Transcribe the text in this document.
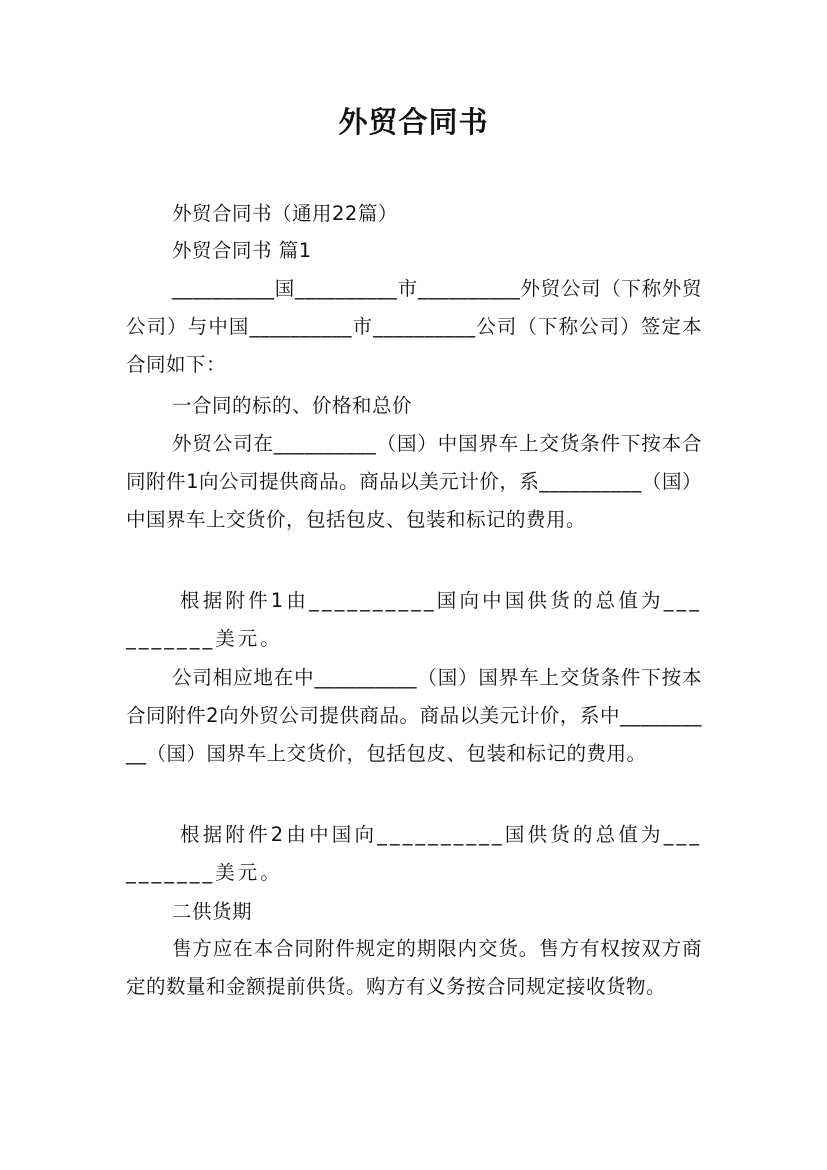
外贸合同书
外贸合同书（通用22篇）
外贸合同书 篇1
__________国__________市__________外贸公司（下称外贸公司）与中国__________市__________公司（下称公司）签定本合同如下：
一合同的标的、价格和总价
外贸公司在__________（国）中国界车上交货条件下按本合同附件1向公司提供商品。商品以美元计价，系__________（国）中国界车上交货价，包括包皮、包装和标记的费用。
根据附件1由__________国向中国供货的总值为__________美元。
公司相应地在中__________（国）国界车上交货条件下按本合同附件2向外贸公司提供商品。商品以美元计价，系中__________（国）国界车上交货价，包括包皮、包装和标记的费用。
根据附件2由中国向__________国供货的总值为__________美元。
二供货期
售方应在本合同附件规定的期限内交货。售方有权按双方商定的数量和金额提前供货。购方有义务按合同规定接收货物。
